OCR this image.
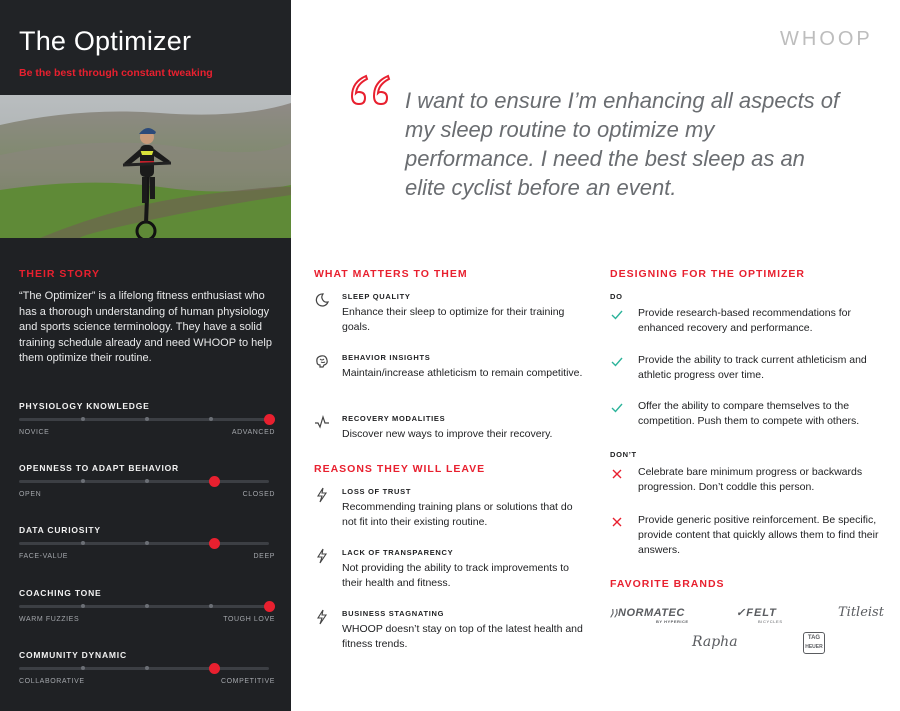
The Optimizer
Be the best through constant tweaking
THEIR STORY
“The Optimizer” is a lifelong fitness enthusiast who has a thorough understanding of human physiology and sports science terminology. They have a solid training schedule already and need WHOOP to help them optimize their routine.
PHYSIOLOGY KNOWLEDGE
NOVICE	ADVANCED
OPENNESS TO ADAPT BEHAVIOR
OPEN	CLOSED
DATA CURIOSITY
FACE-VALUE	DEEP
COACHING TONE
WARM FUZZIES	TOUGH LOVE
COMMUNITY DYNAMIC
COLLABORATIVE	COMPETITIVE
WHOOP
I want to ensure I’m enhancing all aspects of my sleep routine to optimize my performance. I need the best sleep as an elite cyclist before an event.
WHAT MATTERS TO THEM
SLEEP QUALITY
Enhance their sleep to optimize for their training goals.
BEHAVIOR INSIGHTS
Maintain/increase athleticism to remain competitive.
RECOVERY MODALITIES
Discover new ways to improve their recovery.
REASONS THEY WILL LEAVE
LOSS OF TRUST
Recommending training plans or solutions that do not fit into their existing routine.
LACK OF TRANSPARENCY
Not providing the ability to track improvements to their health and fitness.
BUSINESS STAGNATING
WHOOP doesn’t stay on top of the latest health and fitness trends.
DESIGNING FOR THE OPTIMIZER
DO
Provide research-based recommendations for enhanced recovery and performance.
Provide the ability to track current athleticism and athletic progress over time.
Offer the ability to compare themselves to the competition. Push them to compete with others.
DON’T
Celebrate bare minimum progress or backwards progression. Don’t coddle this person.
Provide generic positive reinforcement. Be specific, provide content that quickly allows them to find their answers.
FAVORITE BRANDS
⟩⟩NORMATEC
BY HYPERICE
✓FELT
BICYCLES
Titleist
Rapha	TAG
HEUER
